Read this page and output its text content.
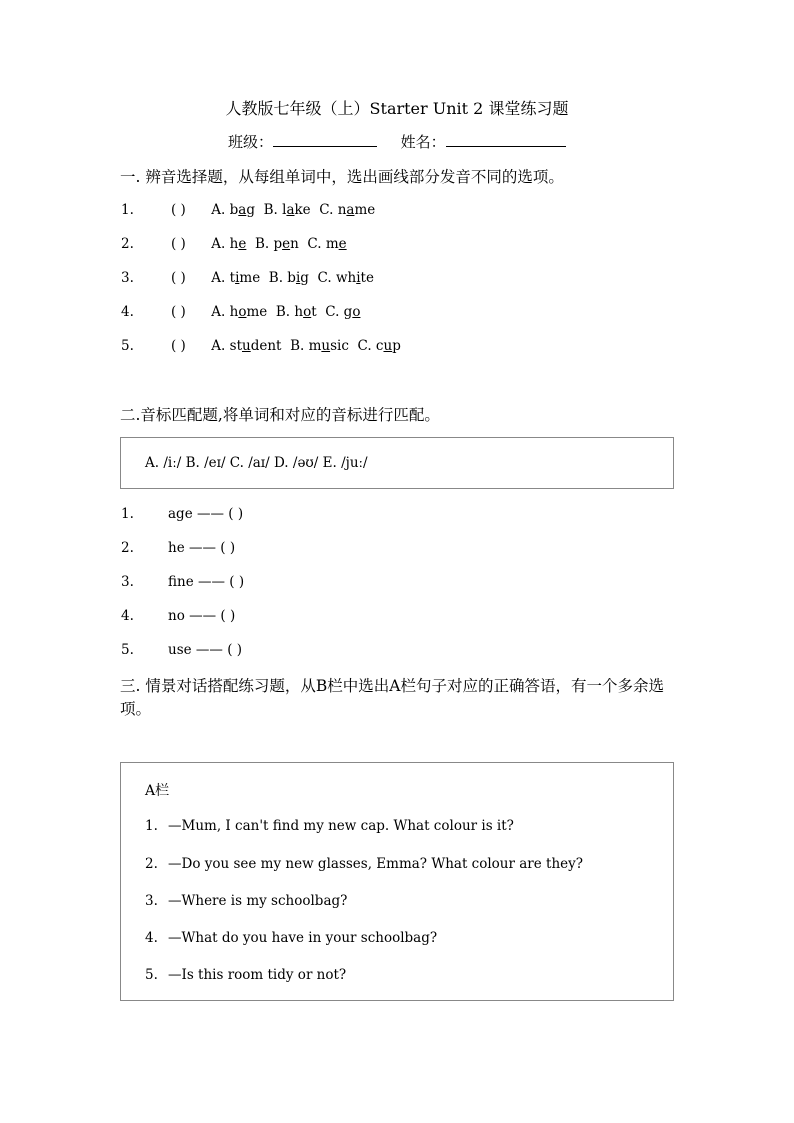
人教版七年级（上）Starter Unit 2 课堂练习题
班级：	姓名：
一. 辨音选择题，从每组单词中，选出画线部分发音不同的选项。
1.	( ) A. bag B. lake C. name
2.	( ) A. he B. pen C. me
3.	( ) A. time B. big C. white
4.	( ) A. home B. hot C. go
5.	( ) A. student B. music C. cup
二.音标匹配题,将单词和对应的音标进行匹配。
A. /iː/ B. /eɪ/ C. /aɪ/ D. /əʊ/ E. /juː/
1.	age —— ( )
2.	he —— ( )
3.	fine —— ( )
4.	no —— ( )
5.	use —— ( )
三. 情景对话搭配练习题，从B栏中选出A栏句子对应的正确答语，有一个多余选项。
A栏
1. —Mum, I can't find my new cap. What colour is it?
2. —Do you see my new glasses, Emma? What colour are they?
3. —Where is my schoolbag?
4. —What do you have in your schoolbag?
5. —Is this room tidy or not?
